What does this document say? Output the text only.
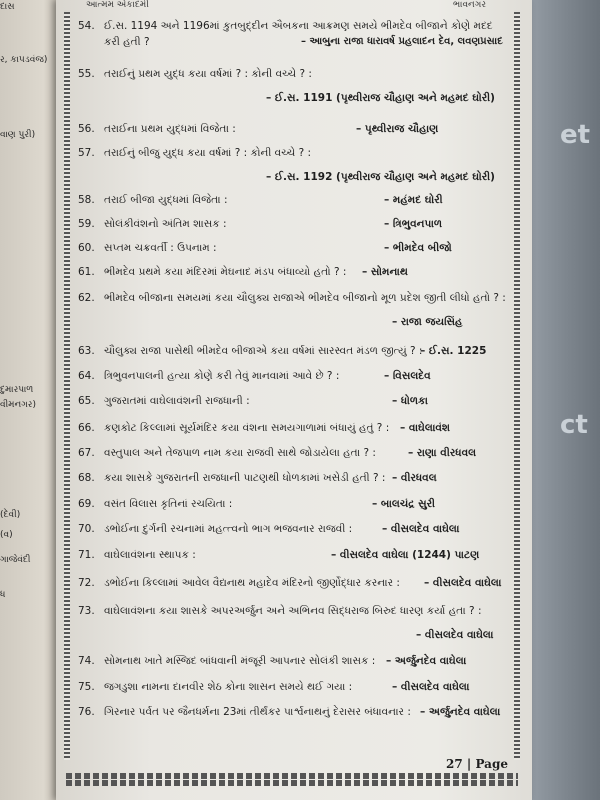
et
ct
દાસ
ર, કાપડવંજ)
વાણ પુરી)
દુમારપાળ
વીમનગર)
(દેવી)
(વ)
ગાજેવંદી
ધ
આત્મમ એકાદમી	ભાવનગર
54. ઈ.સ. 1194 અને 1196માં કુતબુદ્દીન ઐબકના આક્રમણ સમયે ભીમદેવ બીજાને કોણે મદદ
કરી હતી ?	– આબુના રાજા ધારાવર્ષ પ્રહલાદન દેવ, લવણપ્રસાદ
55. તરાઈનું પ્રથમ યુદ્ધ કયા વર્ષમાં ? : કોની વચ્ચે ? :
– ઈ.સ. 1191 (પૃથ્વીરાજ ચૌહાણ અને મહમદ ઘોરી)
56. તરાઈના પ્રથમ યુદ્ધમાં વિજેતા :	– પૃથ્વીરાજ ચૌહાણ
57. તરાઈનું બીજુ યુદ્ધ કયા વર્ષમાં ? : કોની વચ્ચે ? :
– ઈ.સ. 1192 (પૃથ્વીરાજ ચૌહાણ અને મહમદ ઘોરી)
58. તરાઈ બીજા યુદ્ધમાં વિજેતા :	– મહંમદ ઘોરી
59. સોલંકીવંશનો અંતિમ શાસક :	– ત્રિભુવનપાળ
60. સપ્તમ ચક્રવર્તી : ઉપનામ :	– ભીમદેવ બીજો
61. ભીમદેવ પ્રથમે કયા મંદિરમાં મેઘનાદ મંડપ બંધાવ્યો હતો ? : – સોમનાથ
62. ભીમદેવ બીજાના સમયમાં કયા ચૌલુક્ય રાજાએ ભીમદેવ બીજાનો મૂળ પ્રદેશ જીતી લીધો હતો ? :
– રાજા જયસિંહ
63. ચૌલુક્ય રાજા પાસેથી ભીમદેવ બીજાએ કયા વર્ષમાં સારસ્વત મંડળ જીત્યું ? :
– ઈ.સ. 1225
64. ત્રિભુવનપાલની હત્યા કોણે કરી તેવું માનવામાં આવે છે ? :	– વિસલદેવ
65. ગુજરાતમાં વાઘેલાવંશની રાજધાની :	– ધોળકા
66. કણકોટ કિલ્લામાં સૂર્યમંદિર કયા વંશના સમયગાળામાં બંધાયું હતું ? : – વાઘેલાવંશ
67. વસ્તુપાલ અને તેજપાળ નામ કયા રાજવી સાથે જોડાયેલા હતા ? :	– રાણા વીરધવલ
68. કયા શાસકે ગુજરાતની રાજધાની પાટણથી ધોળકામાં ખસેડી હતી ? : – વીરધવલ
69. વસંત વિલાસ કૃતિનાં રચયિતા :	– બાલચંદ્ર સુરી
70. ડભોઈના દુર્ગની રચનામાં મહત્ત્વનો ભાગ ભજવનાર રાજવી :	– વીસલદેવ વાઘેલા
71. વાઘેલાવંશના સ્થાપક :	– વીસલદેવ વાઘેલા (1244) પાટણ
72. ડભોઈના કિલ્લામાં આવેલ વૈદ્યનાથ મહાદેવ મંદિરનો જીર્ણોદ્ધાર કરનાર : – વીસલદેવ વાઘેલા
73. વાઘેલાવંશના કયા શાસકે અપરઅર્જુન અને અભિનવ સિદ્ધરાજ બિરુદ ધારણ કર્યા હતા ? :
– વીસલદેવ વાઘેલા
74. સોમનાથ ખાતે મસ્જિદ બાંધવાની મંજૂરી આપનાર સોલંકી શાસક : – અર્જુનદેવ વાઘેલા
75. જગડુશા નામના દાનવીર શેઠ કોના શાસન સમયે થઈ ગયા :	– વીસલદેવ વાઘેલા
76. ગિરનાર પર્વત પર જૈનધર્મના 23માં તીર્થંકર પાર્શ્વનાથનું દેરાસર બંધાવનાર : – અર્જુનદેવ વાઘેલા
27 | Page
